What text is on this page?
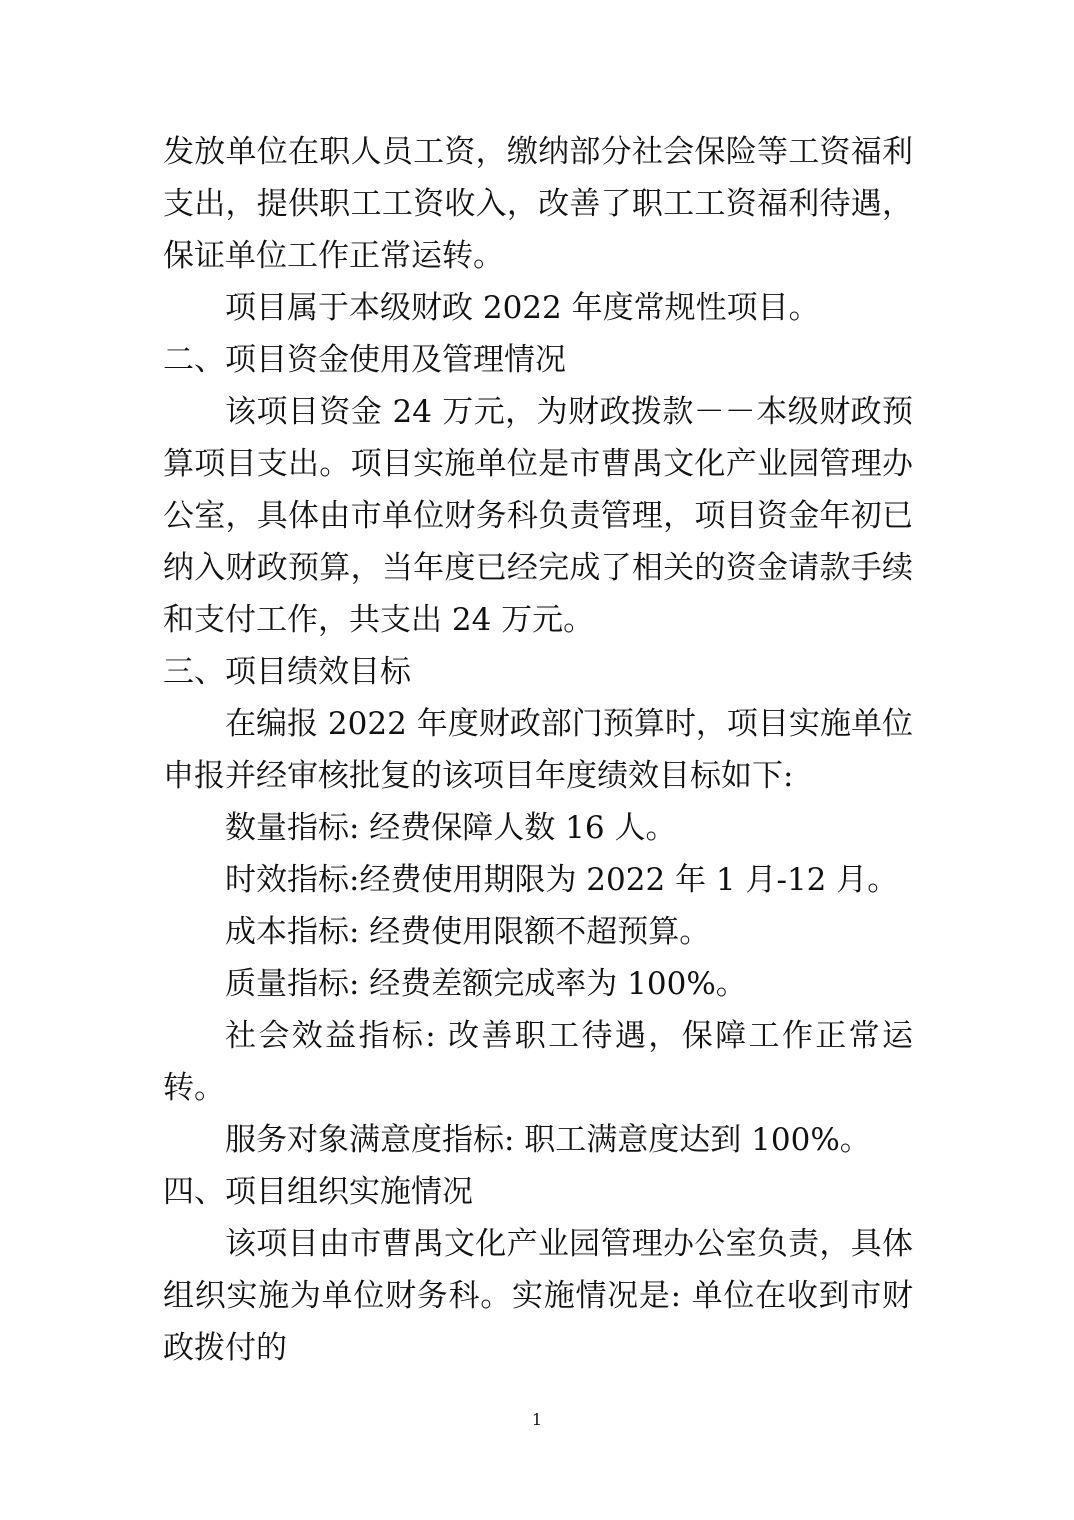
发放单位在职人员工资，缴纳部分社会保险等工资福利支出，提供职工工资收入，改善了职工工资福利待遇，保证单位工作正常运转。

项目属于本级财政 2022 年度常规性项目。

二、项目资金使用及管理情况

该项目资金 24 万元，为财政拨款－－本级财政预算项目支出。项目实施单位是市曹禺文化产业园管理办公室，具体由市单位财务科负责管理，项目资金年初已纳入财政预算，当年度已经完成了相关的资金请款手续和支付工作，共支出 24 万元。

三、项目绩效目标

在编报 2022 年度财政部门预算时，项目实施单位申报并经审核批复的该项目年度绩效目标如下:

数量指标: 经费保障人数 16 人。

时效指标:经费使用期限为 2022 年 1 月-12 月。

成本指标: 经费使用限额不超预算。

质量指标: 经费差额完成率为 100%。

社会效益指标: 改善职工待遇，保障工作正常运转。

服务对象满意度指标: 职工满意度达到 100%。

四、项目组织实施情况

该项目由市曹禺文化产业园管理办公室负责，具体组织实施为单位财务科。实施情况是: 单位在收到市财政拨付的

1
